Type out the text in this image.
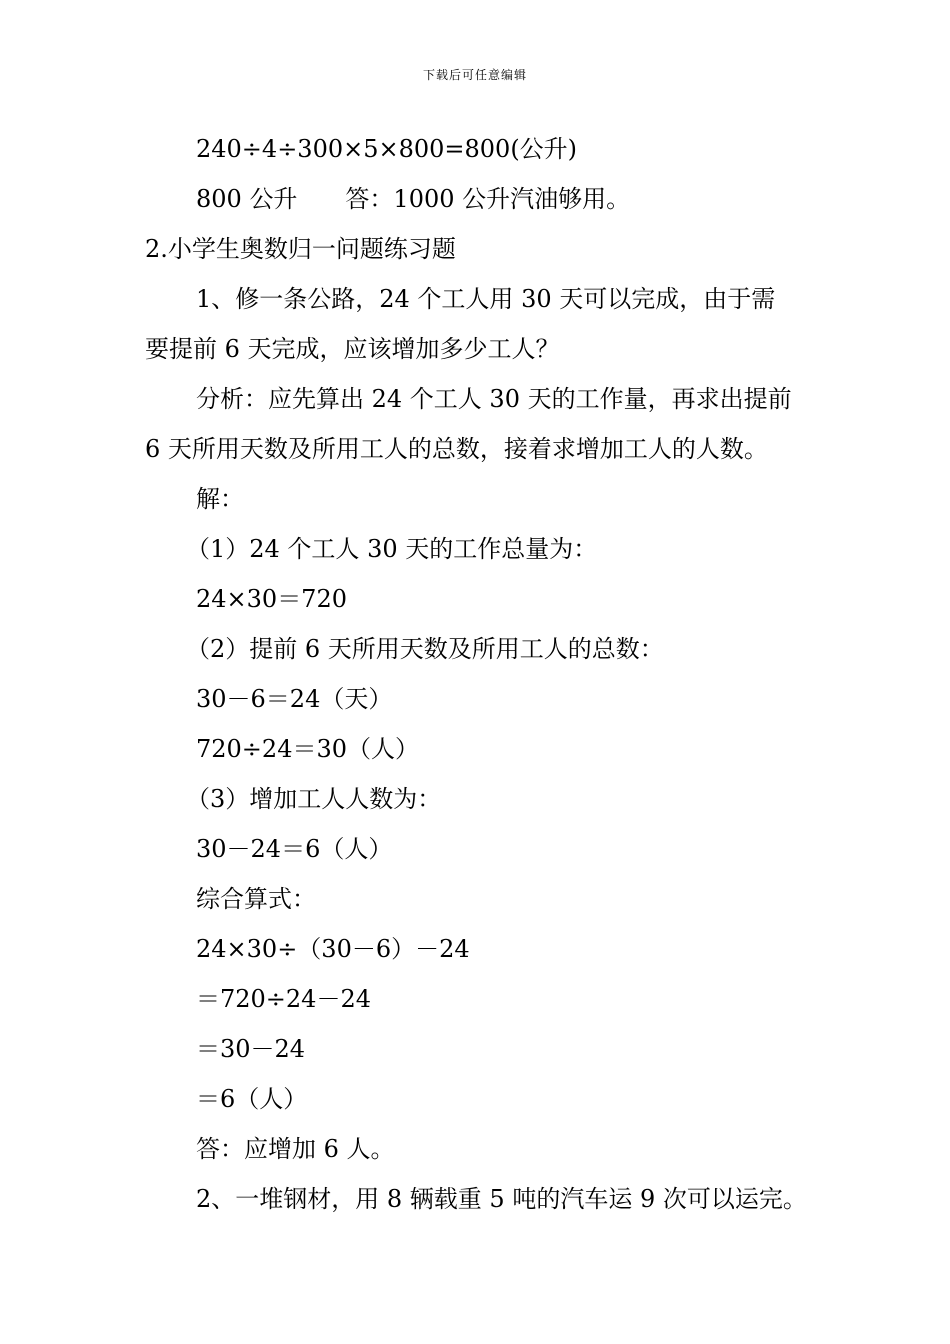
下载后可任意编辑
240÷4÷300×5×800=800(公升)
800 公升　　答：1000 公升汽油够用。
2.小学生奥数归一问题练习题
1、修一条公路，24 个工人用 30 天可以完成，由于需
要提前 6 天完成，应该增加多少工人？
分析：应先算出 24 个工人 30 天的工作量，再求出提前
6 天所用天数及所用工人的总数，接着求增加工人的人数。
解：
（1）24 个工人 30 天的工作总量为：
24×30＝720
（2）提前 6 天所用天数及所用工人的总数：
30－6＝24（天）
720÷24＝30（人）
（3）增加工人人数为：
30－24＝6（人）
综合算式：
24×30÷（30－6）－24
＝720÷24－24
＝30－24
＝6（人）
答：应增加 6 人。
2、一堆钢材，用 8 辆载重 5 吨的汽车运 9 次可以运完。
